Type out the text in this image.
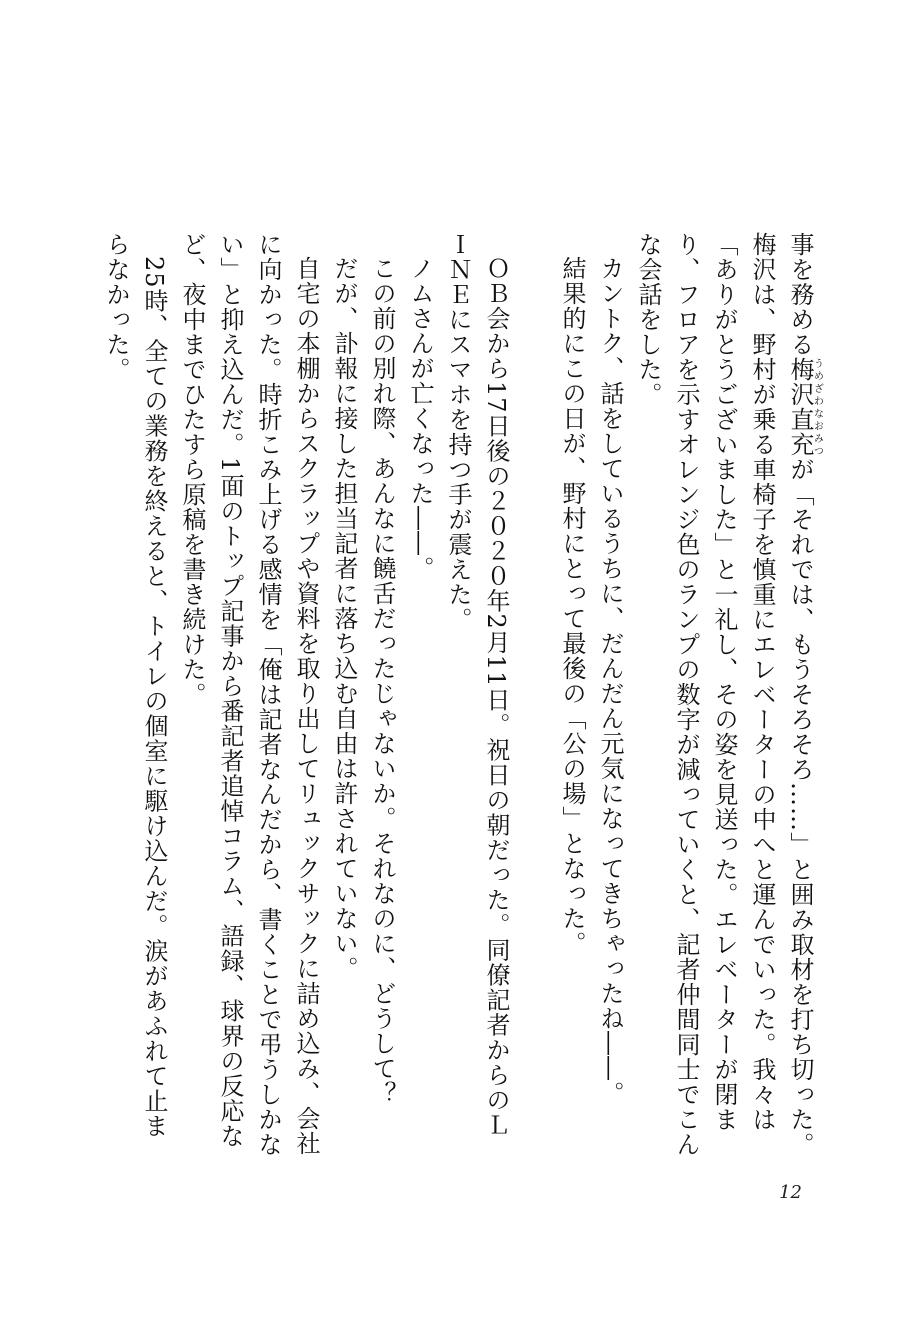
事を務める梅沢直充うめざわなおみつが「それでは、もうそろそろ……」と囲み取材を打ち切った。梅沢は、野村が乗る車椅子を慎重にエレベーターの中へと運んでいった。我々は「ありがとうございました」と一礼し、その姿を見送った。エレベーターが閉まり、フロアを示すオレンジ色のランプの数字が減っていくと、記者仲間同士でこんな会話をした。

カントク、話をしているうちに、だんだん元気になってきちゃったね――。

結果的にこの日が、野村にとって最後の「公の場」となった。

ＯＢ会から17日後の２０２０年2月11日。祝日の朝だった。同僚記者からのＬＩＮＥにスマホを持つ手が震えた。

ノムさんが亡くなった――。

この前の別れ際、あんなに饒舌だったじゃないか。それなのに、どうして？

だが、訃報に接した担当記者に落ち込む自由は許されていない。

自宅の本棚からスクラップや資料を取り出してリュックサックに詰め込み、会社に向かった。時折こみ上げる感情を「俺は記者なんだから、書くことで弔うしかない」と抑え込んだ。1面のトップ記事から番記者追悼コラム、語録、球界の反応など、夜中までひたすら原稿を書き続けた。

25時、全ての業務を終えると、トイレの個室に駆け込んだ。涙があふれて止まらなかった。

12
